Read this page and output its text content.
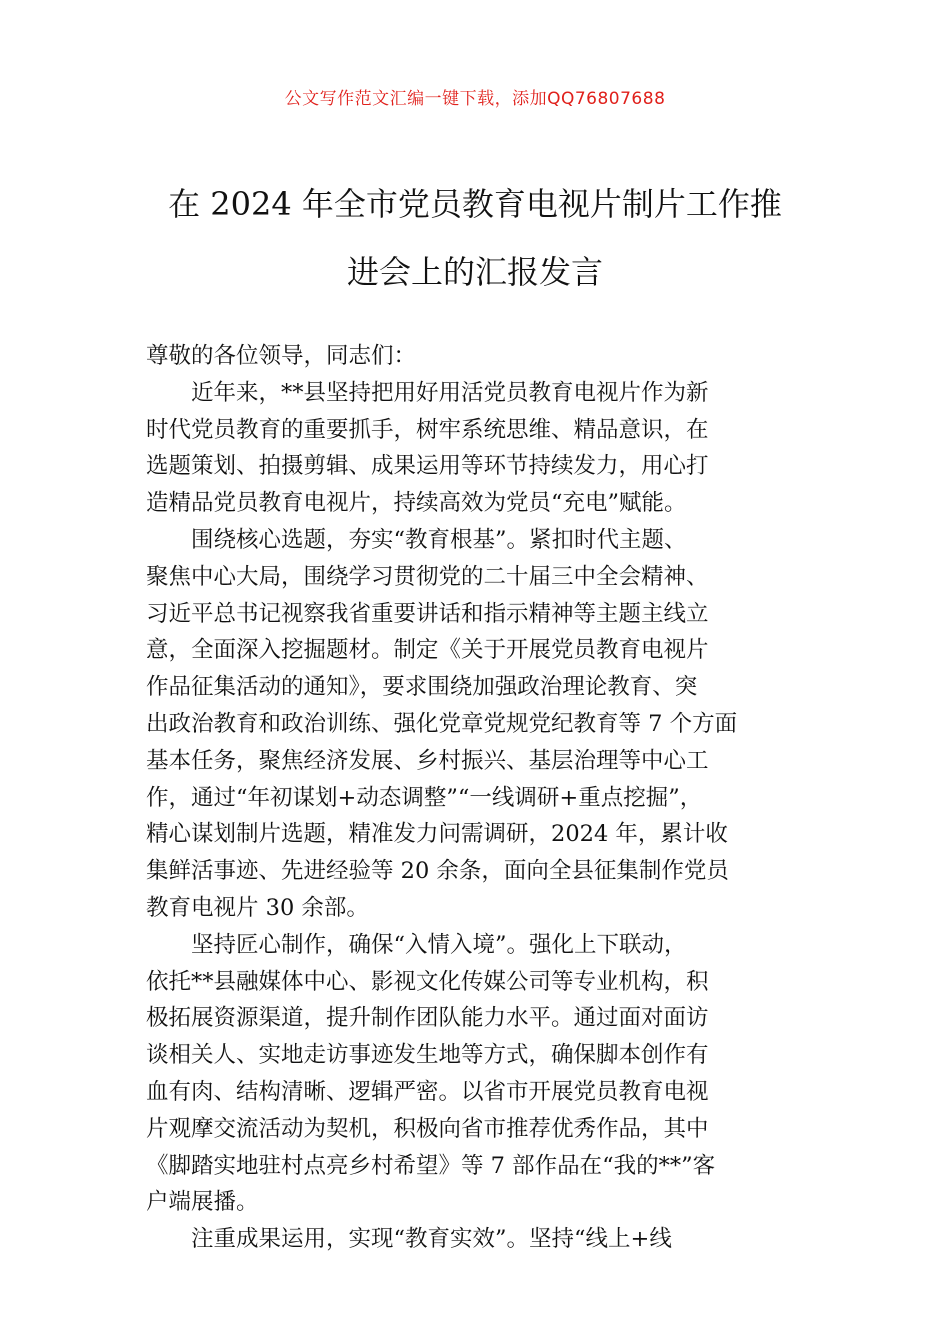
公文写作范文汇编一键下载，添加QQ76807688
在 2024 年全市党员教育电视片制片工作推
进会上的汇报发言
尊敬的各位领导，同志们：
近年来，**县坚持把用好用活党员教育电视片作为新
时代党员教育的重要抓手，树牢系统思维、精品意识，在
选题策划、拍摄剪辑、成果运用等环节持续发力，用心打
造精品党员教育电视片，持续高效为党员“充电”赋能。
围绕核心选题，夯实“教育根基”。紧扣时代主题、
聚焦中心大局，围绕学习贯彻党的二十届三中全会精神、
习近平总书记视察我省重要讲话和指示精神等主题主线立
意，全面深入挖掘题材。制定《关于开展党员教育电视片
作品征集活动的通知》，要求围绕加强政治理论教育、突
出政治教育和政治训练、强化党章党规党纪教育等 7 个方面
基本任务，聚焦经济发展、乡村振兴、基层治理等中心工
作，通过“年初谋划+动态调整”“一线调研+重点挖掘”，
精心谋划制片选题，精准发力问需调研，2024 年，累计收
集鲜活事迹、先进经验等 20 余条，面向全县征集制作党员
教育电视片 30 余部。
坚持匠心制作，确保“入情入境”。强化上下联动，
依托**县融媒体中心、影视文化传媒公司等专业机构，积
极拓展资源渠道，提升制作团队能力水平。通过面对面访
谈相关人、实地走访事迹发生地等方式，确保脚本创作有
血有肉、结构清晰、逻辑严密。以省市开展党员教育电视
片观摩交流活动为契机，积极向省市推荐优秀作品，其中
《脚踏实地驻村点亮乡村希望》等 7 部作品在“我的**”客
户端展播。
注重成果运用，实现“教育实效”。坚持“线上+线
